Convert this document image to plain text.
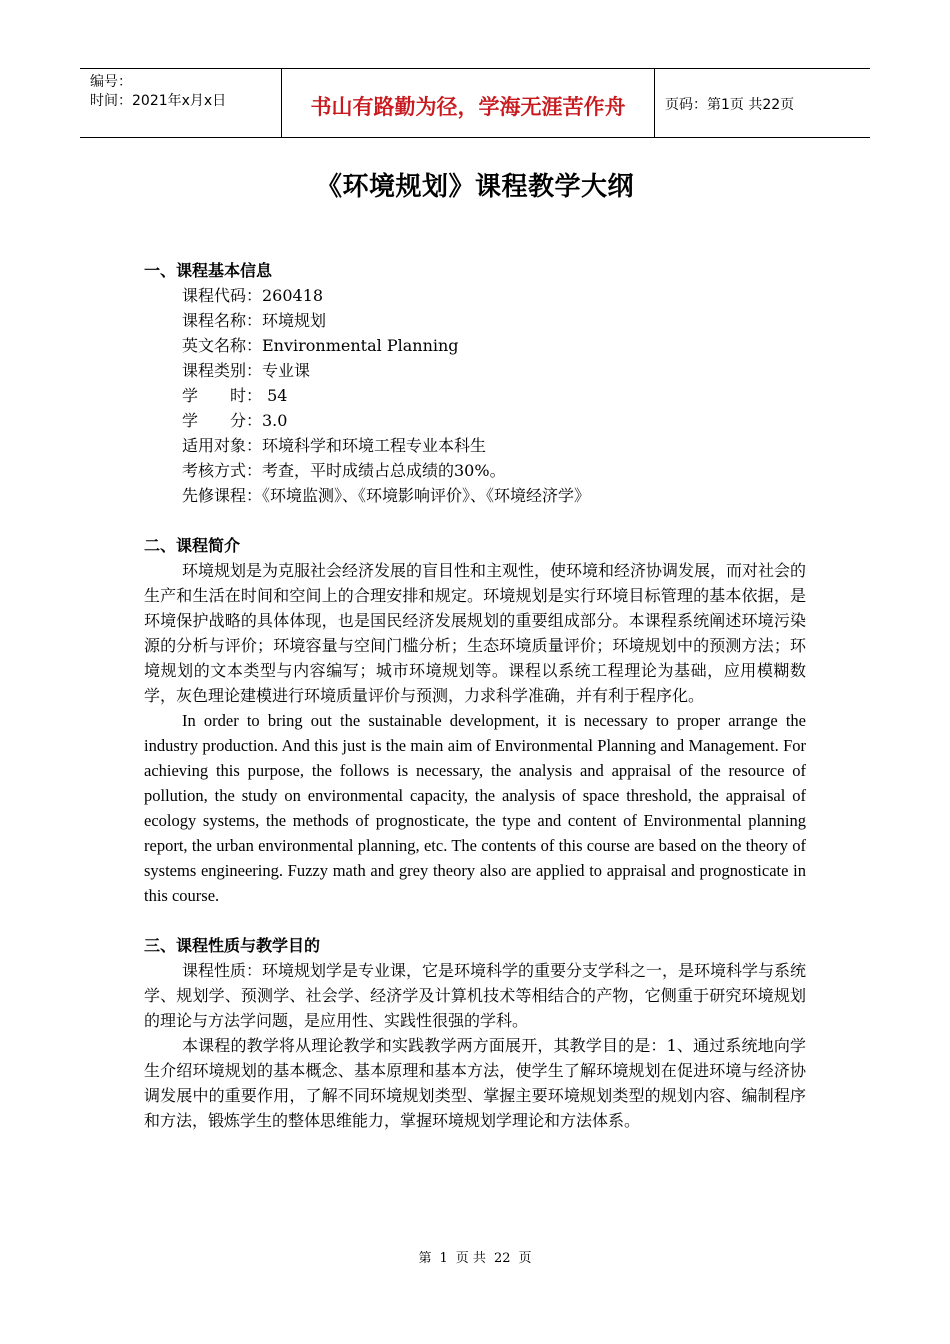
编号：
时间：2021年x月x日	书山有路勤为径，学海无涯苦作舟	页码：第1页 共22页
《环境规划》课程教学大纲
一、课程基本信息
课程代码：260418
课程名称：环境规划
英文名称：Environmental Planning
课程类别：专业课
学　　时： 54
学　　分：3.0
适用对象：环境科学和环境工程专业本科生
考核方式：考查，平时成绩占总成绩的30%。
先修课程：《环境监测》、《环境影响评价》、《环境经济学》
二、课程简介

环境规划是为克服社会经济发展的盲目性和主观性，使环境和经济协调发展，而对社会的生产和生活在时间和空间上的合理安排和规定。环境规划是实行环境目标管理的基本依据，是环境保护战略的具体体现，也是国民经济发展规划的重要组成部分。本课程系统阐述环境污染源的分析与评价；环境容量与空间门槛分析；生态环境质量评价；环境规划中的预测方法；环境规划的文本类型与内容编写；城市环境规划等。课程以系统工程理论为基础，应用模糊数学，灰色理论建模进行环境质量评价与预测，力求科学准确，并有利于程序化。

In order to bring out the sustainable development, it is necessary to proper arrange the industry production. And this just is the main aim of Environmental Planning and Management. For achieving this purpose, the follows is necessary, the analysis and appraisal of the resource of pollution, the study on environmental capacity, the analysis of space threshold, the appraisal of ecology systems, the methods of prognosticate, the type and content of Environmental planning report, the urban environmental planning, etc. The contents of this course are based on the theory of systems engineering. Fuzzy math and grey theory also are applied to appraisal and prognosticate in this course.

三、课程性质与教学目的

课程性质：环境规划学是专业课，它是环境科学的重要分支学科之一，是环境科学与系统学、规划学、预测学、社会学、经济学及计算机技术等相结合的产物，它侧重于研究环境规划的理论与方法学问题，是应用性、实践性很强的学科。

本课程的教学将从理论教学和实践教学两方面展开，其教学目的是：1、通过系统地向学生介绍环境规划的基本概念、基本原理和基本方法，使学生了解环境规划在促进环境与经济协调发展中的重要作用，了解不同环境规划类型、掌握主要环境规划类型的规划内容、编制程序和方法，锻炼学生的整体思维能力，掌握环境规划学理论和方法体系。

第 1 页 共 22 页
